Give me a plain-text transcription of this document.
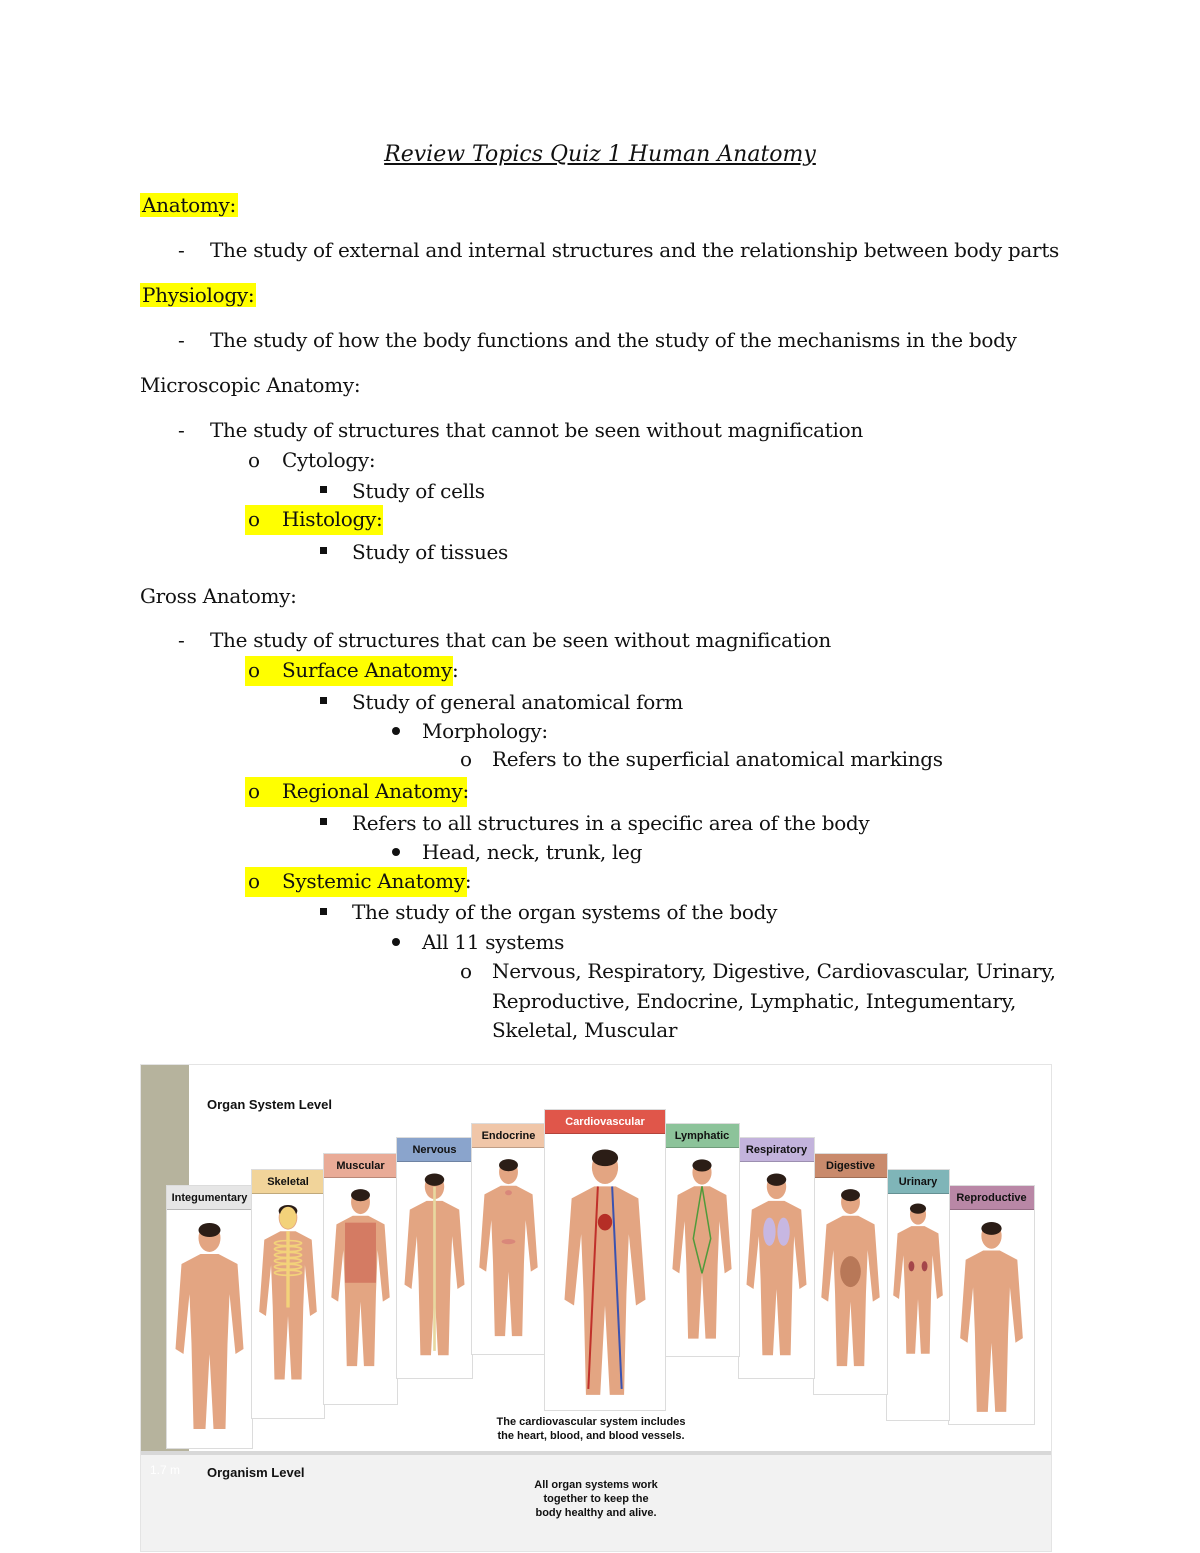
Review Topics Quiz 1 Human Anatomy
Anatomy:
- The study of external and internal structures and the relationship between body parts
Physiology:
- The study of how the body functions and the study of the mechanisms in the body
Microscopic Anatomy:
- The study of structures that cannot be seen without magnification
o Cytology:
Study of cells
o Histology:
Study of tissues
Gross Anatomy:
- The study of structures that can be seen without magnification
o Surface Anatomy:
Study of general anatomical form
Morphology:
o Refers to the superficial anatomical markings
o Regional Anatomy:
Refers to all structures in a specific area of the body
Head, neck, trunk, leg
o Systemic Anatomy:
The study of the organ systems of the body
All 11 systems
o Nervous, Respiratory, Digestive, Cardiovascular, Urinary,
Reproductive, Endocrine, Lymphatic, Integumentary,
Skeletal, Muscular
1.7 m
Organ System Level
Organism Level
Integumentary
Skeletal
Muscular
Nervous
Endocrine
Cardiovascular
Lymphatic
Respiratory
Digestive
Urinary
Reproductive
The cardiovascular system includes
the heart, blood, and blood vessels.
All organ systems work
together to keep the
body healthy and alive.
